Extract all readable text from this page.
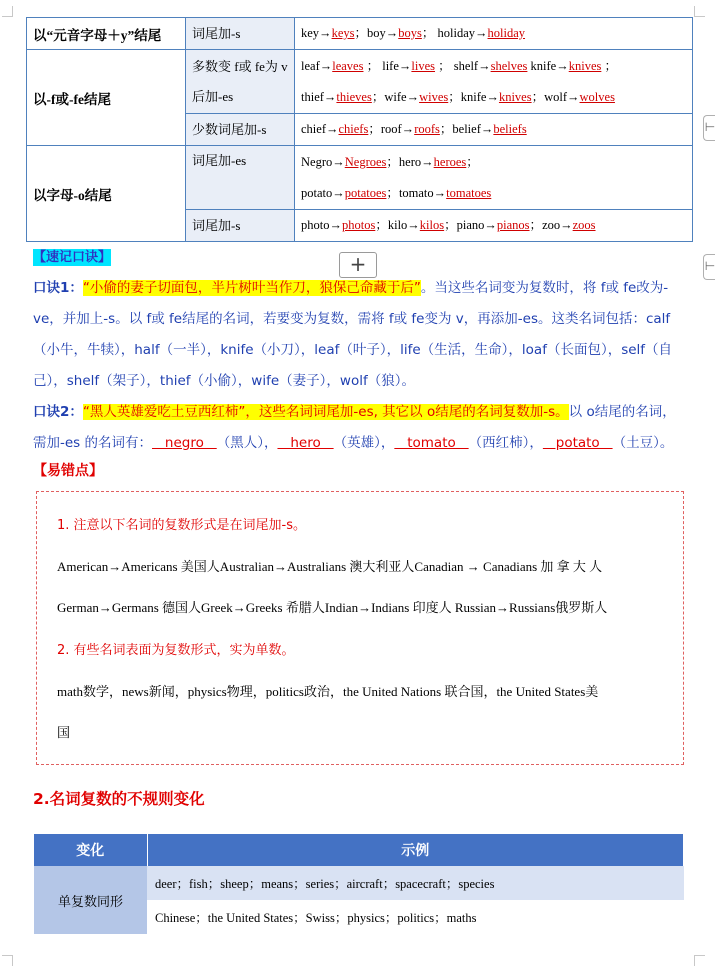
⊢
⊢
以“元音字母＋y”结尾	词尾加-s	key→keys；boy→boys； holiday→holiday
以-f或-fe结尾	多数变 f或 fe为 v后加-es	leaf→leaves ； life→lives ； shelf→shelves knife→knives ；
thief→thieves；wife→wives；knife→knives；wolf→wolves
	少数词尾加-s	chief→chiefs；roof→roofs；belief→beliefs
以字母-o结尾	词尾加-es	Negro→Negroes；hero→heroes；
potato→potatoes；tomato→tomatoes
	词尾加-s	photo→photos；kilo→kilos；piano→pianos；zoo→zoos
+
【速记口诀】
口诀1：“小偷的妻子切面包，半片树叶当作刀，狼保己命藏于后”。当这些名词变为复数时，将 f或 fe改为-ve，并加上-s。以 f或 fe结尾的名词，若要变为复数，需将 f或 fe变为 v，再添加-es。这类名词包括：calf（小牛，牛犊），half（一半），knife（小刀），leaf（叶子），life（生活，生命），loaf（长面包），self（自己），shelf（架子），thief（小偷），wife（妻子），wolf（狼）。
口诀2：“黑人英雄爱吃土豆西红柿”，这些名词词尾加-es, 其它以 o结尾的名词复数加-s。以 o结尾的名词，需加-es 的名词有：   negro   （黑人），   hero   （英雄），   tomato   （西红柿），   potato   （土豆）。
【易错点】
1. 注意以下名词的复数形式是在词尾加-s。
American→Americans 美国人Australian→Australians 澳大利亚人Canadian → Canadians 加 拿 大 人
German→Germans 德国人Greek→Greeks 希腊人Indian→Indians 印度人 Russian→Russians俄罗斯人
2. 有些名词表面为复数形式，实为单数。
math数学，news新闻，physics物理，politics政治，the United Nations 联合国，the United States美
国
2.名词复数的不规则变化
变化	示例
单复数同形	deer；fish；sheep；means；series；aircraft；spacecraft；species
	Chinese；the United States；Swiss；physics；politics；maths
